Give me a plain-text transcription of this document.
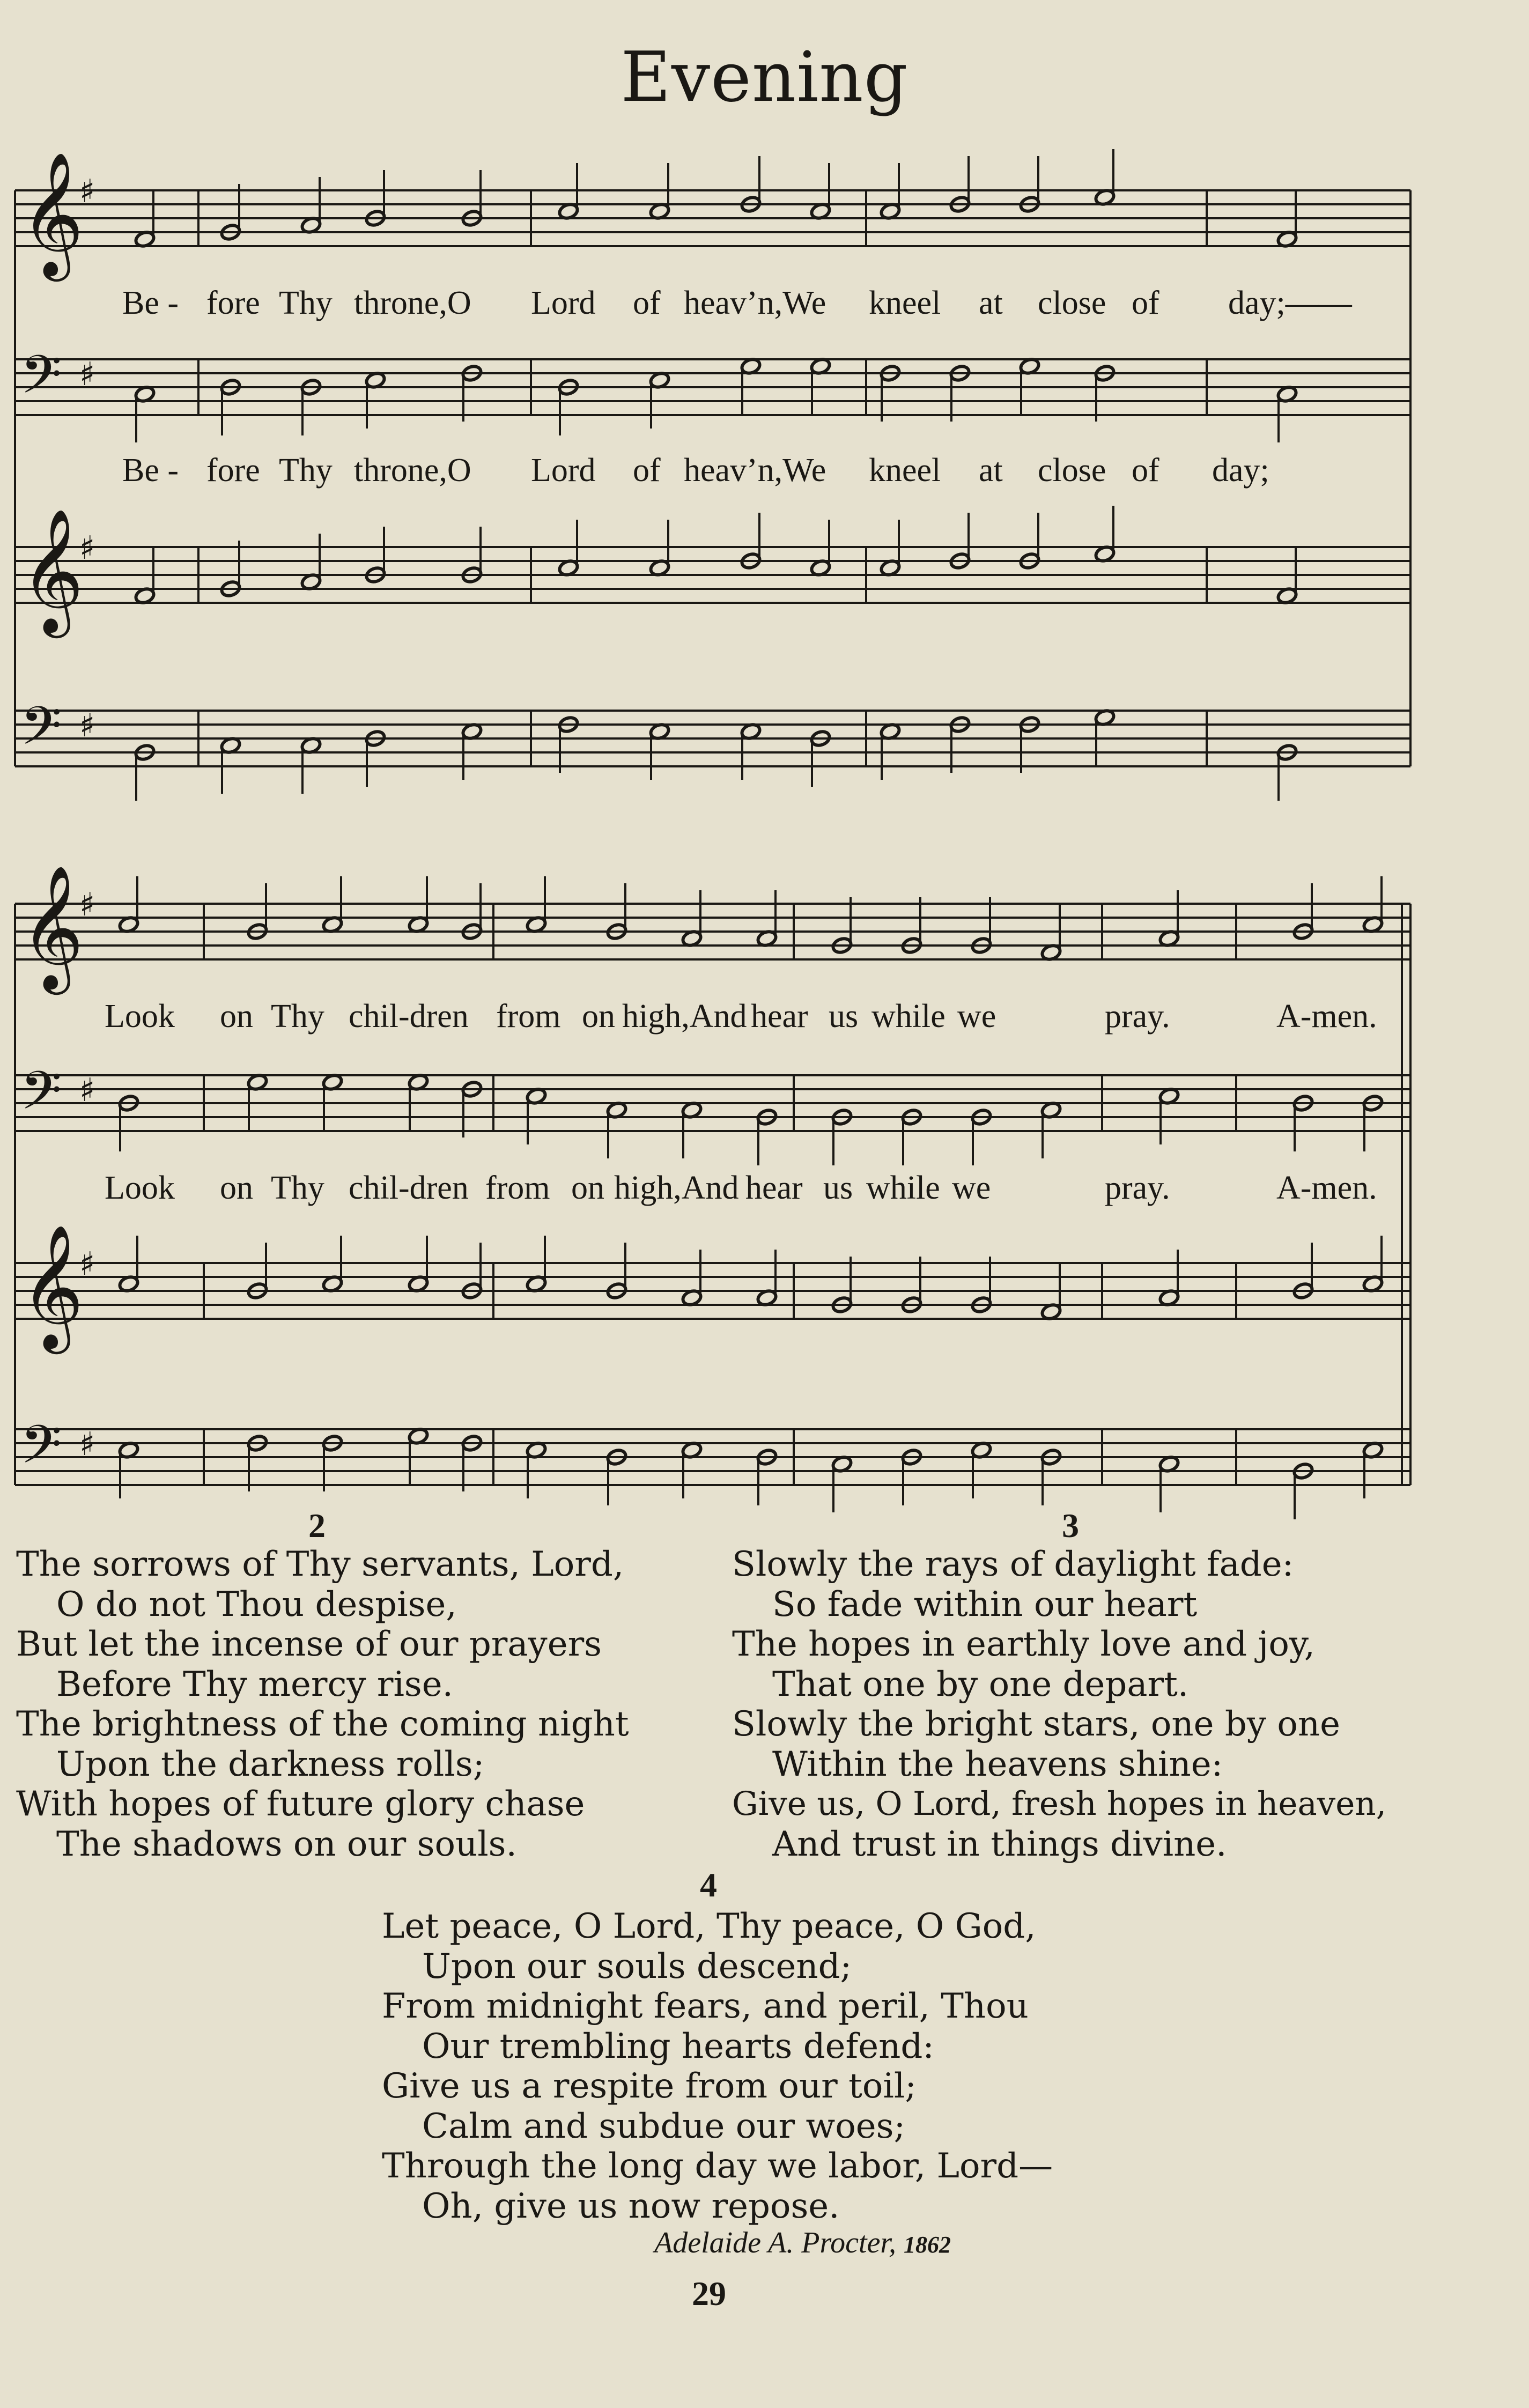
Evening
𝄞
♯
𝄢 ♯
𝄞
♯
𝄢 ♯
𝄞
♯
𝄢 ♯
𝄞
♯
𝄢 ♯
Be - fore Thy throne,O Lord of heav’n,We kneel at close of day;——
Be - fore Thy throne,O Lord of heav’n,We kneel at close of day;
Look on Thy chil-dren from on high,And hear us while we	pray.	A-men.
Look on Thy chil-dren from on high,And hear us while we	pray.	A-men.
2
The sorrows of Thy servants, Lord,
O do not Thou despise,
But let the incense of our prayers
Before Thy mercy rise.
The brightness of the coming night
Upon the darkness rolls;
With hopes of future glory chase
The shadows on our souls.
3
Slowly the rays of daylight fade:
So fade within our heart
The hopes in earthly love and joy,
That one by one depart.
Slowly the bright stars, one by one
Within the heavens shine:
Give us, O Lord, fresh hopes in heaven,
And trust in things divine.
4
Let peace, O Lord, Thy peace, O God,
Upon our souls descend;
From midnight fears, and peril, Thou
Our trembling hearts defend:
Give us a respite from our toil;
Calm and subdue our woes;
Through the long day we labor, Lord—
Oh, give us now repose.
Adelaide A. Procter, 1862
29
